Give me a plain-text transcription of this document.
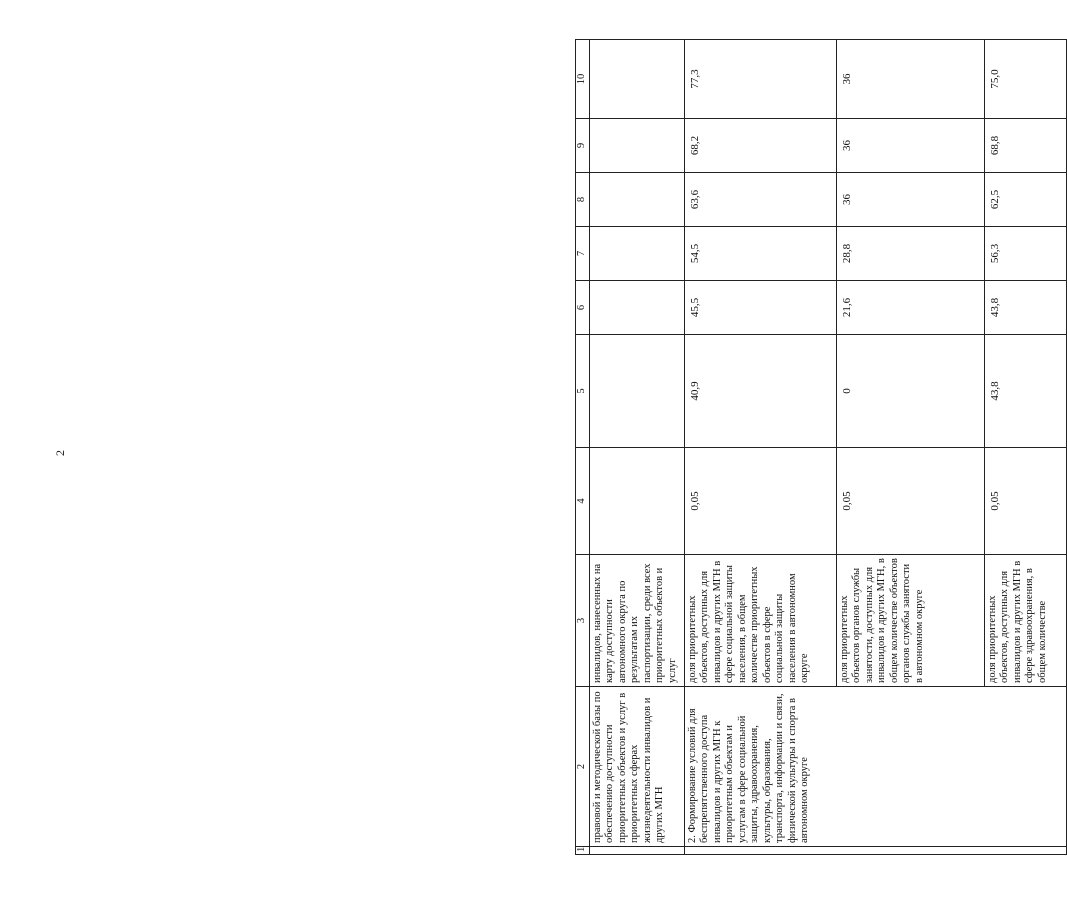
2
1	2	3	4	5	6	7	8	9	10
	правовой и методической базы по обеспечению доступности приоритетных объектов и услуг в приоритетных сферах жизнедеятельности инвалидов и других МГН	инвалидов, нанесенных на карту доступности автономного округа по результатам их паспортизации, среди всех приоритетных объектов и услуг							
	2. Формирование условий для беспрепятственного доступа инвалидов и других МГН к приоритетным объектам и услугам в сфере социальной защиты, здравоохранения, культуры, образования, транспорта, информации и связи, физической культуры и спорта в автономном округе	доля приоритетных объектов, доступных для инвалидов и других МГН в сфере социальной защиты населения, в общем количестве приоритетных объектов в сфере социальной защиты населения в автономном округе	0,05	40,9	45,5	54,5	63,6	68,2	77,3
		доля приоритетных объектов органов службы занятости, доступных для инвалидов и других МГН, в общем количестве объектов органов службы занятости в автономном округе	0,05	0	21,6	28,8	36	36	36
		доля приоритетных объектов, доступных для инвалидов и других МГН в сфере здравоохранения, в общем количестве	0,05	43,8	43,8	56,3	62,5	68,8	75,0
